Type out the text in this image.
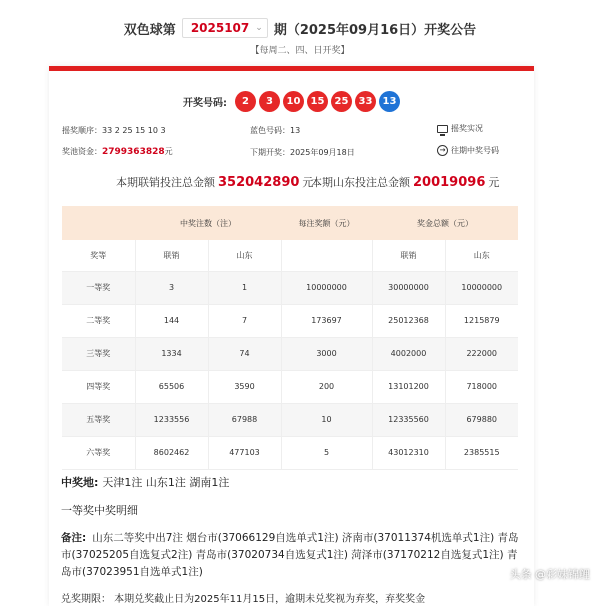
双色球第 2025107 ⌄ 期（2025年09月16日）开奖公告
【每周二、四、日开奖】
开奖号码:	2	3	10	15	25	33	13
摇奖顺序：33 2 25 15 10 3	蓝色号码：13	摇奖实况
奖池资金：2799363828元	下期开奖：2025年09月18日	→ 往期中奖号码
本期联销投注总金额 352042890 元
本期山东投注总金额 20019096 元
	中奖注数（注）		每注奖额（元）	奖金总额（元）	
奖等	联销	山东		联销	山东
一等奖	3	1	10000000	30000000	10000000
二等奖	144	7	173697	25012368	1215879
三等奖	1334	74	3000	4002000	222000
四等奖	65506	3590	200	13101200	718000
五等奖	1233556	67988	10	12335560	679880
六等奖	8602462	477103	5	43012310	2385515
中奖地: 天津1注 山东1注 湖南1注
一等奖中奖明细
备注: 山东二等奖中出7注 烟台市(37066129自选单式1注) 济南市(37011374机选单式1注) 青岛市(37025205自选复式2注) 青岛市(37020734自选复式1注) 菏泽市(37170212自选复式1注) 青岛市(37023951自选单式1注)
兑奖期限： 本期兑奖截止日为2025年11月15日，逾期未兑奖视为弃奖，弃奖奖金
头条 @彩妹锦鲤
